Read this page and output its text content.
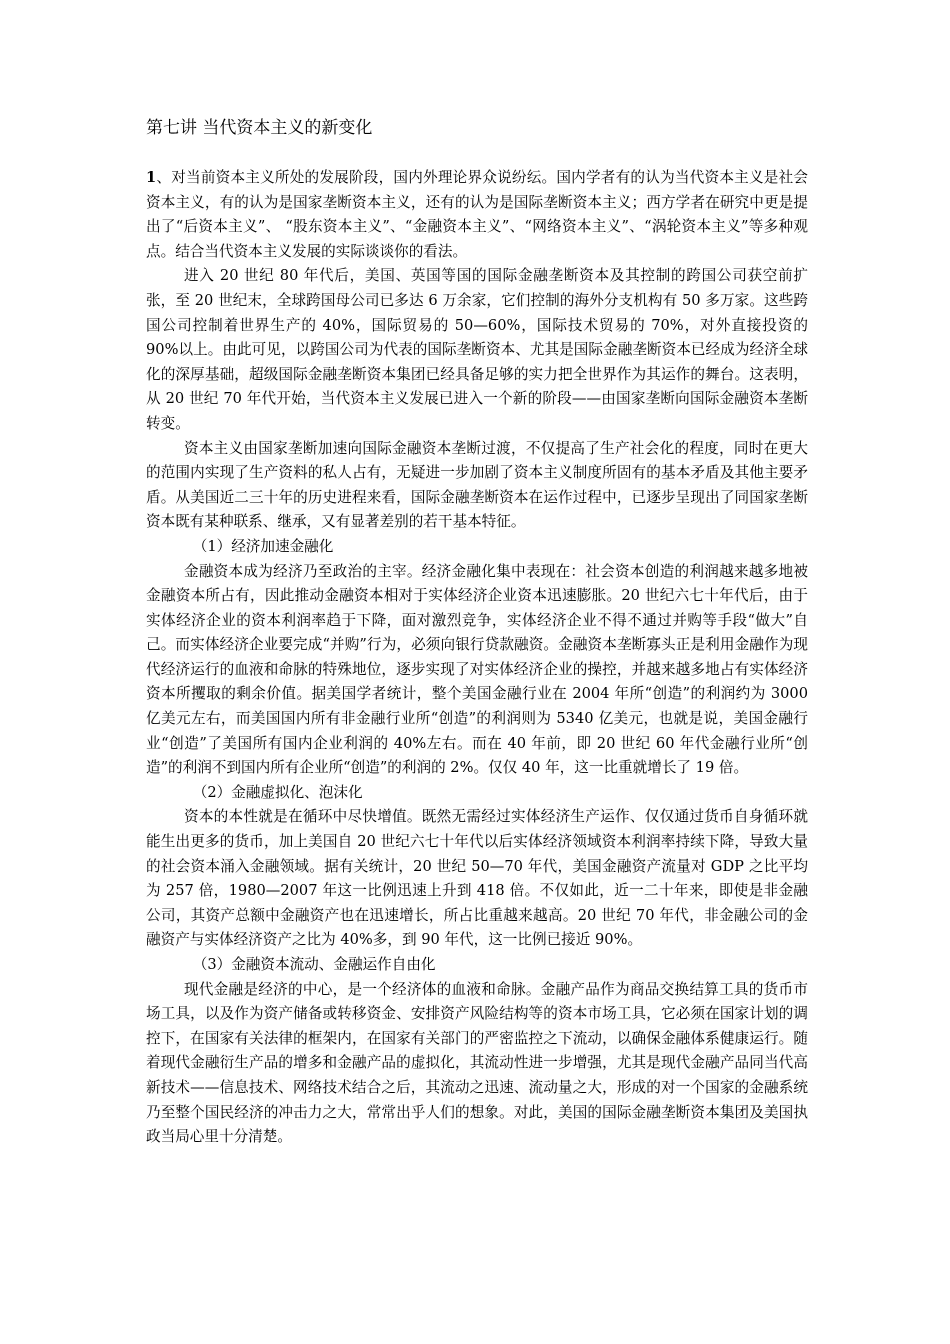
第七讲 当代资本主义的新变化

1、对当前资本主义所处的发展阶段，国内外理论界众说纷纭。国内学者有的认为当代资本主义是社会资本主义，有的认为是国家垄断资本主义，还有的认为是国际垄断资本主义；西方学者在研究中更是提出了“后资本主义”、 “股东资本主义”、“金融资本主义”、“网络资本主义”、“涡轮资本主义”等多种观点。结合当代资本主义发展的实际谈谈你的看法。

进入 20 世纪 80 年代后，美国、英国等国的国际金融垄断资本及其控制的跨国公司获空前扩张，至 20 世纪末，全球跨国母公司已多达 6 万余家，它们控制的海外分支机构有 50 多万家。这些跨国公司控制着世界生产的 40%，国际贸易的 50—60%，国际技术贸易的 70%，对外直接投资的 90%以上。由此可见，以跨国公司为代表的国际垄断资本、尤其是国际金融垄断资本已经成为经济全球化的深厚基础，超级国际金融垄断资本集团已经具备足够的实力把全世界作为其运作的舞台。这表明，从 20 世纪 70 年代开始，当代资本主义发展已进入一个新的阶段——由国家垄断向国际金融资本垄断转变。

资本主义由国家垄断加速向国际金融资本垄断过渡，不仅提高了生产社会化的程度，同时在更大的范围内实现了生产资料的私人占有，无疑进一步加剧了资本主义制度所固有的基本矛盾及其他主要矛盾。从美国近二三十年的历史进程来看，国际金融垄断资本在运作过程中，已逐步呈现出了同国家垄断资本既有某种联系、继承，又有显著差别的若干基本特征。

（1）经济加速金融化

金融资本成为经济乃至政治的主宰。经济金融化集中表现在：社会资本创造的利润越来越多地被金融资本所占有，因此推动金融资本相对于实体经济企业资本迅速膨胀。20 世纪六七十年代后，由于实体经济企业的资本利润率趋于下降，面对激烈竞争，实体经济企业不得不通过并购等手段“做大”自己。而实体经济企业要完成“并购”行为，必须向银行贷款融资。金融资本垄断寡头正是利用金融作为现代经济运行的血液和命脉的特殊地位，逐步实现了对实体经济企业的操控，并越来越多地占有实体经济资本所攫取的剩余价值。据美国学者统计，整个美国金融行业在 2004 年所“创造”的利润约为 3000 亿美元左右，而美国国内所有非金融行业所“创造”的利润则为 5340 亿美元，也就是说，美国金融行业“创造”了美国所有国内企业利润的 40%左右。而在 40 年前，即 20 世纪 60 年代金融行业所“创造”的利润不到国内所有企业所“创造”的利润的 2%。仅仅 40 年，这一比重就增长了 19 倍。

（2）金融虚拟化、泡沫化

资本的本性就是在循环中尽快增值。既然无需经过实体经济生产运作、仅仅通过货币自身循环就能生出更多的货币，加上美国自 20 世纪六七十年代以后实体经济领域资本利润率持续下降，导致大量的社会资本涌入金融领域。据有关统计，20 世纪 50—70 年代，美国金融资产流量对 GDP 之比平均为 257 倍，1980—2007 年这一比例迅速上升到 418 倍。不仅如此，近一二十年来，即使是非金融公司，其资产总额中金融资产也在迅速增长，所占比重越来越高。20 世纪 70 年代，非金融公司的金融资产与实体经济资产之比为 40%多，到 90 年代，这一比例已接近 90%。

（3）金融资本流动、金融运作自由化

现代金融是经济的中心，是一个经济体的血液和命脉。金融产品作为商品交换结算工具的货币市场工具，以及作为资产储备或转移资金、安排资产风险结构等的资本市场工具，它必须在国家计划的调控下，在国家有关法律的框架内，在国家有关部门的严密监控之下流动，以确保金融体系健康运行。随着现代金融衍生产品的增多和金融产品的虚拟化，其流动性进一步增强，尤其是现代金融产品同当代高新技术——信息技术、网络技术结合之后，其流动之迅速、流动量之大，形成的对一个国家的金融系统乃至整个国民经济的冲击力之大，常常出乎人们的想象。对此，美国的国际金融垄断资本集团及美国执政当局心里十分清楚。
